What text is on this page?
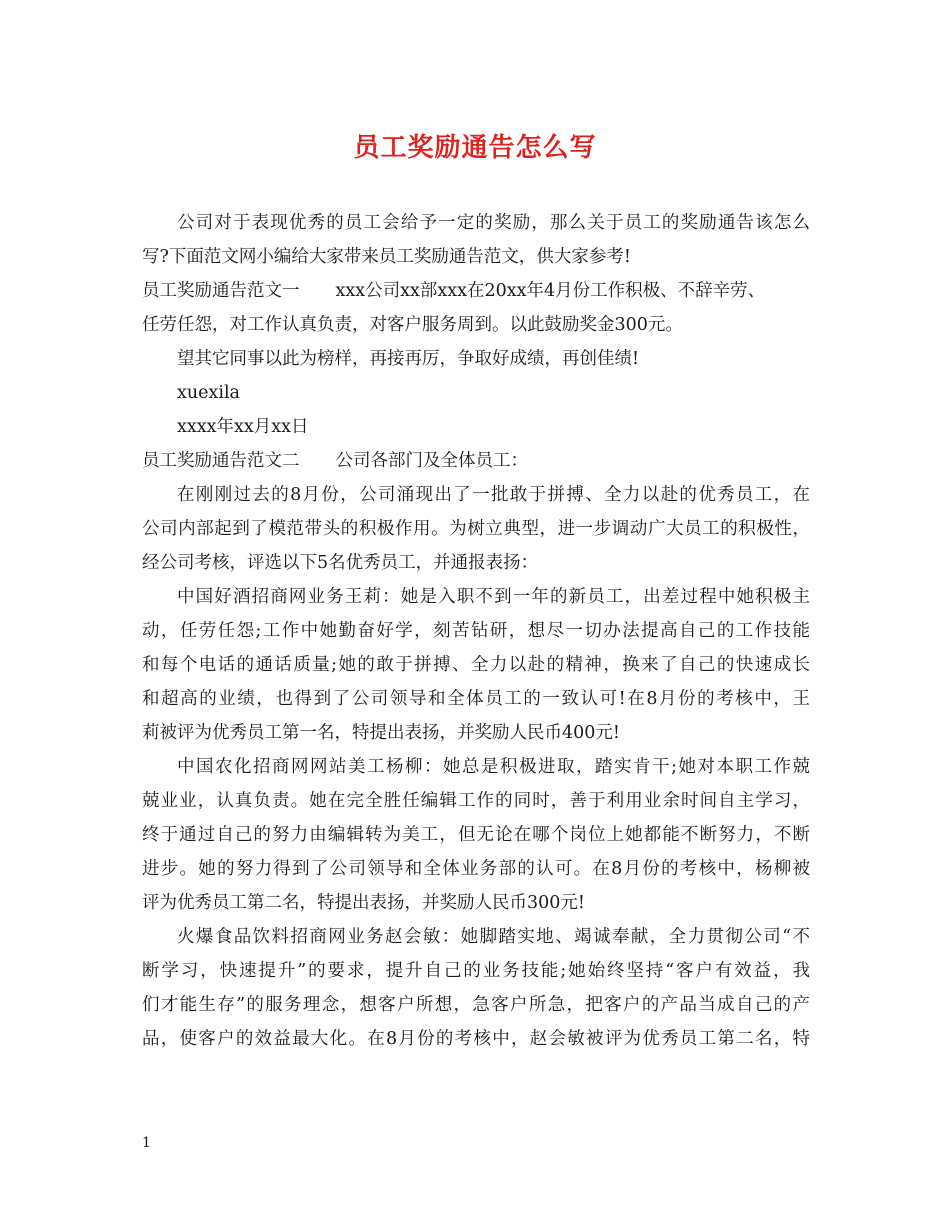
员工奖励通告怎么写
公司对于表现优秀的员工会给予一定的奖励，那么关于员工的奖励通告该怎么
写?下面范文网小编给大家带来员工奖励通告范文，供大家参考!
员工奖励通告范文一 xxx公司xx部xxx在20xx年4月份工作积极、不辞辛劳、
任劳任怨，对工作认真负责，对客户服务周到。以此鼓励奖金300元。
望其它同事以此为榜样，再接再厉，争取好成绩，再创佳绩!
xuexila
xxxx年xx月xx日
员工奖励通告范文二 公司各部门及全体员工：
在刚刚过去的8月份，公司涌现出了一批敢于拼搏、全力以赴的优秀员工，在
公司内部起到了模范带头的积极作用。为树立典型，进一步调动广大员工的积极性，
经公司考核，评选以下5名优秀员工，并通报表扬：
中国好酒招商网业务王莉：她是入职不到一年的新员工，出差过程中她积极主
动，任劳任怨;工作中她勤奋好学，刻苦钻研，想尽一切办法提高自己的工作技能
和每个电话的通话质量;她的敢于拼搏、全力以赴的精神，换来了自己的快速成长
和超高的业绩，也得到了公司领导和全体员工的一致认可!在8月份的考核中，王
莉被评为优秀员工第一名，特提出表扬，并奖励人民币400元!
中国农化招商网网站美工杨柳：她总是积极进取，踏实肯干;她对本职工作兢
兢业业，认真负责。她在完全胜任编辑工作的同时，善于利用业余时间自主学习，
终于通过自己的努力由编辑转为美工，但无论在哪个岗位上她都能不断努力，不断
进步。她的努力得到了公司领导和全体业务部的认可。在8月份的考核中，杨柳被
评为优秀员工第二名，特提出表扬，并奖励人民币300元!
火爆食品饮料招商网业务赵会敏：她脚踏实地、竭诚奉献，全力贯彻公司“不
断学习，快速提升”的要求，提升自己的业务技能;她始终坚持“客户有效益，我
们才能生存”的服务理念，想客户所想，急客户所急，把客户的产品当成自己的产
品，使客户的效益最大化。在8月份的考核中，赵会敏被评为优秀员工第二名，特
1
